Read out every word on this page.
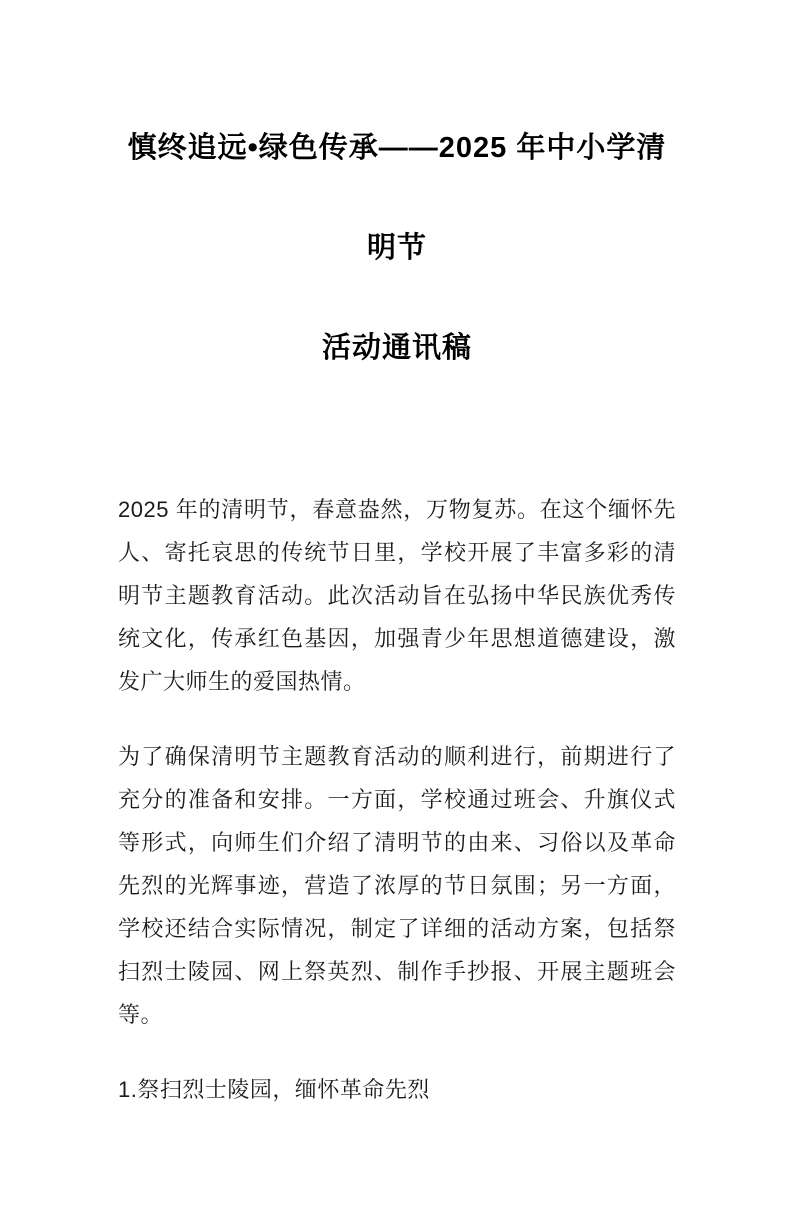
慎终追远•绿色传承——2025 年中小学清明节
活动通讯稿

2025 年的清明节，春意盎然，万物复苏。在这个缅怀先人、寄托哀思的传统节日里，学校开展了丰富多彩的清明节主题教育活动。此次活动旨在弘扬中华民族优秀传统文化，传承红色基因，加强青少年思想道德建设，激发广大师生的爱国热情。

为了确保清明节主题教育活动的顺利进行，前期进行了充分的准备和安排。一方面，学校通过班会、升旗仪式等形式，向师生们介绍了清明节的由来、习俗以及革命先烈的光辉事迹，营造了浓厚的节日氛围；另一方面，学校还结合实际情况，制定了详细的活动方案，包括祭扫烈士陵园、网上祭英烈、制作手抄报、开展主题班会等。

1.祭扫烈士陵园，缅怀革命先烈
